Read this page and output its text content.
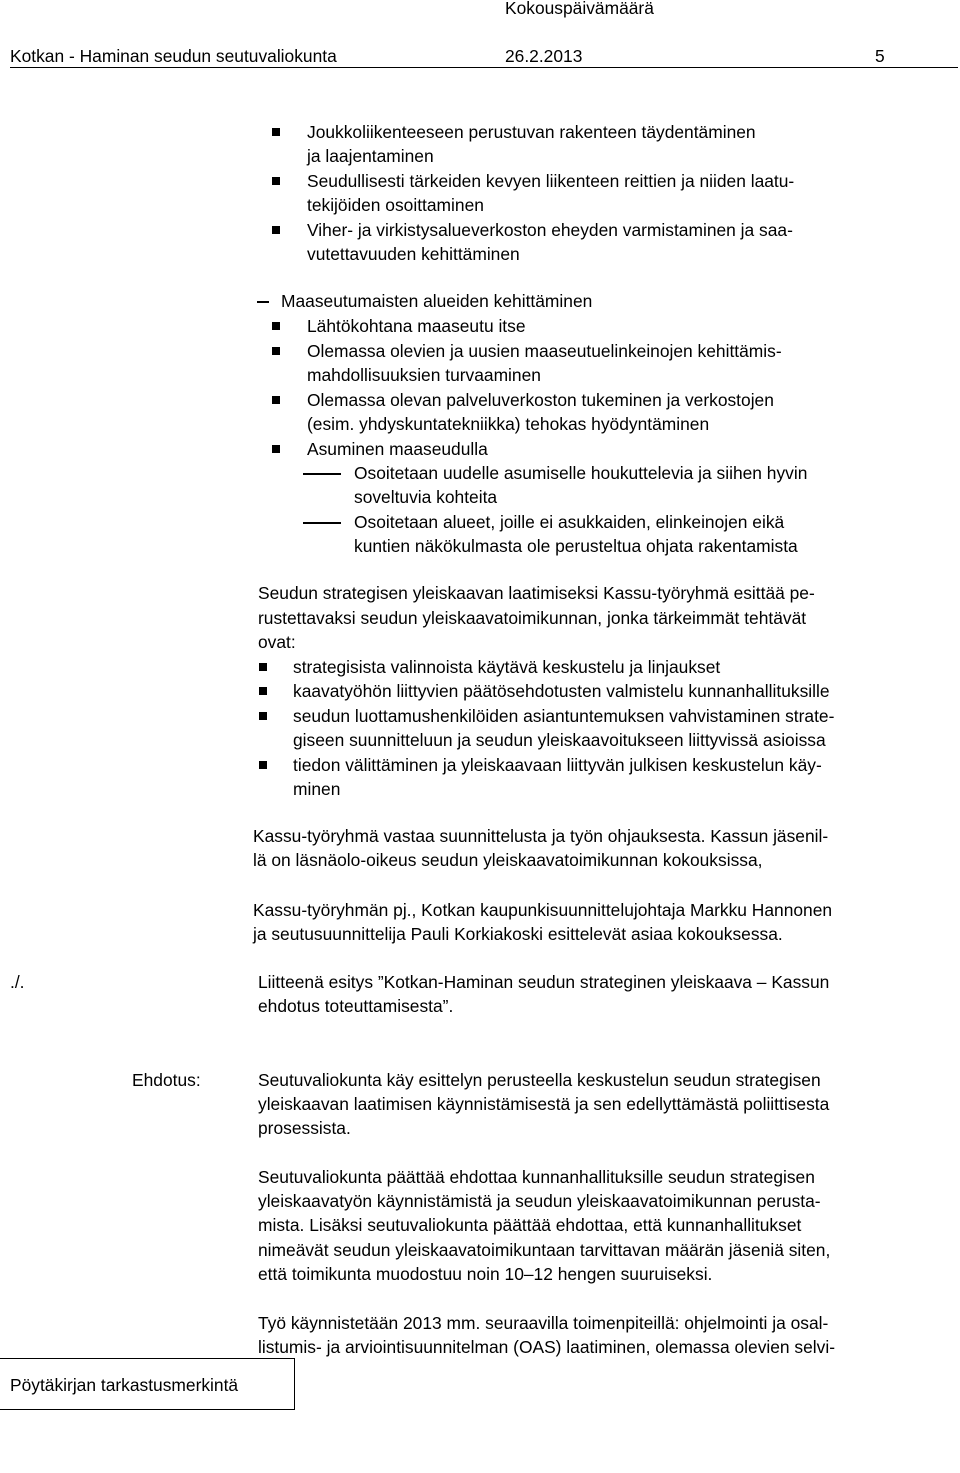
Kokouspäivämäärä
Kotkan - Haminan seudun seutuvaliokunta	26.2.2013	5
Joukkoliikenteeseen perustuvan rakenteen täydentäminen
ja laajentaminen
Seudullisesti tärkeiden kevyen liikenteen reittien ja niiden laatu-
tekijöiden osoittaminen
Viher- ja virkistysalueverkoston eheyden varmistaminen ja saa-
vutettavuuden kehittäminen
Maaseutumaisten alueiden kehittäminen
Lähtökohtana maaseutu itse
Olemassa olevien ja uusien maaseutuelinkeinojen kehittämis-
mahdollisuuksien turvaaminen
Olemassa olevan palveluverkoston tukeminen ja verkostojen
(esim. yhdyskuntatekniikka) tehokas hyödyntäminen
Asuminen maaseudulla
Osoitetaan uudelle asumiselle houkuttelevia ja siihen hyvin
soveltuvia kohteita
Osoitetaan alueet, joille ei asukkaiden, elinkeinojen eikä
kuntien näkökulmasta ole perusteltua ohjata rakentamista
Seudun strategisen yleiskaavan laatimiseksi Kassu-työryhmä esittää pe-
rustettavaksi seudun yleiskaavatoimikunnan, jonka tärkeimmät tehtävät
ovat:
strategisista valinnoista käytävä keskustelu ja linjaukset
kaavatyöhön liittyvien päätösehdotusten valmistelu kunnanhallituksille
seudun luottamushenkilöiden asiantuntemuksen vahvistaminen strate-
giseen suunnitteluun ja seudun yleiskaavoitukseen liittyvissä asioissa
tiedon välittäminen ja yleiskaavaan liittyvän julkisen keskustelun käy-
minen
Kassu-työryhmä vastaa suunnittelusta ja työn ohjauksesta. Kassun jäsenil-
lä on läsnäolo-oikeus seudun yleiskaavatoimikunnan kokouksissa,
Kassu-työryhmän pj., Kotkan kaupunkisuunnittelujohtaja Markku Hannonen
ja seutusuunnittelija Pauli Korkiakoski esittelevät asiaa kokouksessa.
./.	Liitteenä esitys ”Kotkan-Haminan seudun strateginen yleiskaava – Kassun
ehdotus toteuttamisesta”.
Ehdotus:	Seutuvaliokunta käy esittelyn perusteella keskustelun seudun strategisen
yleiskaavan laatimisen käynnistämisestä ja sen edellyttämästä poliittisesta
prosessista.
Seutuvaliokunta päättää ehdottaa kunnanhallituksille seudun strategisen
yleiskaavatyön käynnistämistä ja seudun yleiskaavatoimikunnan perusta-
mista. Lisäksi seutuvaliokunta päättää ehdottaa, että kunnanhallitukset
nimeävät seudun yleiskaavatoimikuntaan tarvittavan määrän jäseniä siten,
että toimikunta muodostuu noin 10–12 hengen suuruiseksi.
Työ käynnistetään 2013 mm. seuraavilla toimenpiteillä: ohjelmointi ja osal-
listumis- ja arviointisuunnitelman (OAS) laatiminen, olemassa olevien selvi-
Pöytäkirjan tarkastusmerkintä
